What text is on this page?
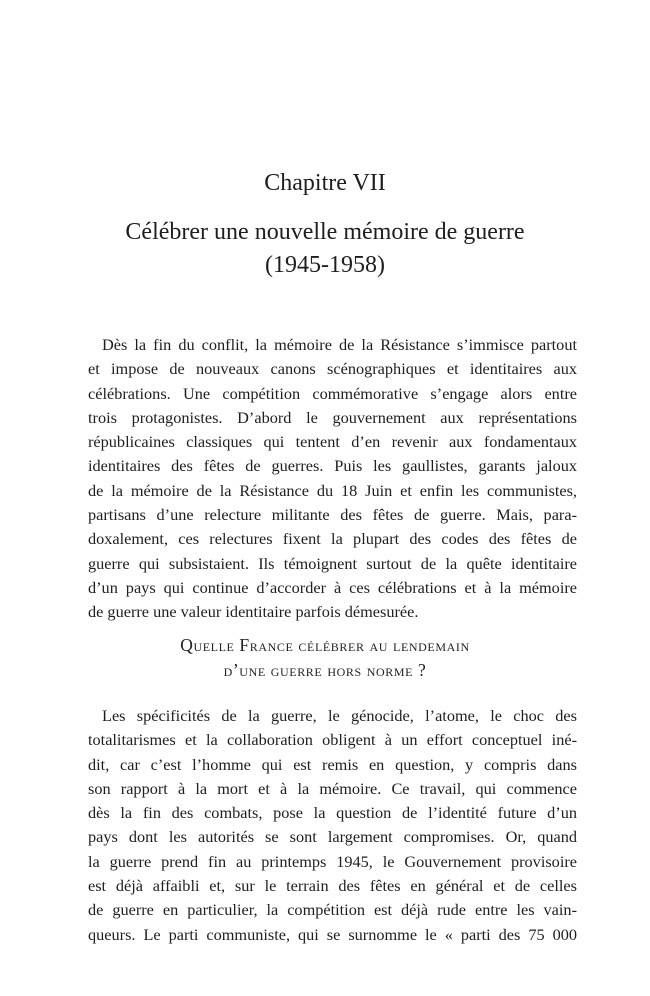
Chapitre VII
Célébrer une nouvelle mémoire de guerre
(1945-1958)

Dès la fin du conflit, la mémoire de la Résistance s’immisce partout
et impose de nouveaux canons scénographiques et identitaires aux
célébrations. Une compétition commémorative s’engage alors entre
trois protagonistes. D’abord le gouvernement aux représentations
républicaines classiques qui tentent d’en revenir aux fondamentaux
identitaires des fêtes de guerres. Puis les gaullistes, garants jaloux
de la mémoire de la Résistance du 18 Juin et enfin les communistes,
partisans d’une relecture militante des fêtes de guerre. Mais, para-
doxalement, ces relectures fixent la plupart des codes des fêtes de
guerre qui subsistaient. Ils témoignent surtout de la quête identitaire
d’un pays qui continue d’accorder à ces célébrations et à la mémoire
de guerre une valeur identitaire parfois démesurée.

Quelle France célébrer au lendemain
d’une guerre hors norme ?

Les spécificités de la guerre, le génocide, l’atome, le choc des
totalitarismes et la collaboration obligent à un effort conceptuel iné-
dit, car c’est l’homme qui est remis en question, y compris dans
son rapport à la mort et à la mémoire. Ce travail, qui commence
dès la fin des combats, pose la question de l’identité future d’un
pays dont les autorités se sont largement compromises. Or, quand
la guerre prend fin au printemps 1945, le Gouvernement provisoire
est déjà affaibli et, sur le terrain des fêtes en général et de celles
de guerre en particulier, la compétition est déjà rude entre les vain-
queurs. Le parti communiste, qui se surnomme le « parti des 75 000
